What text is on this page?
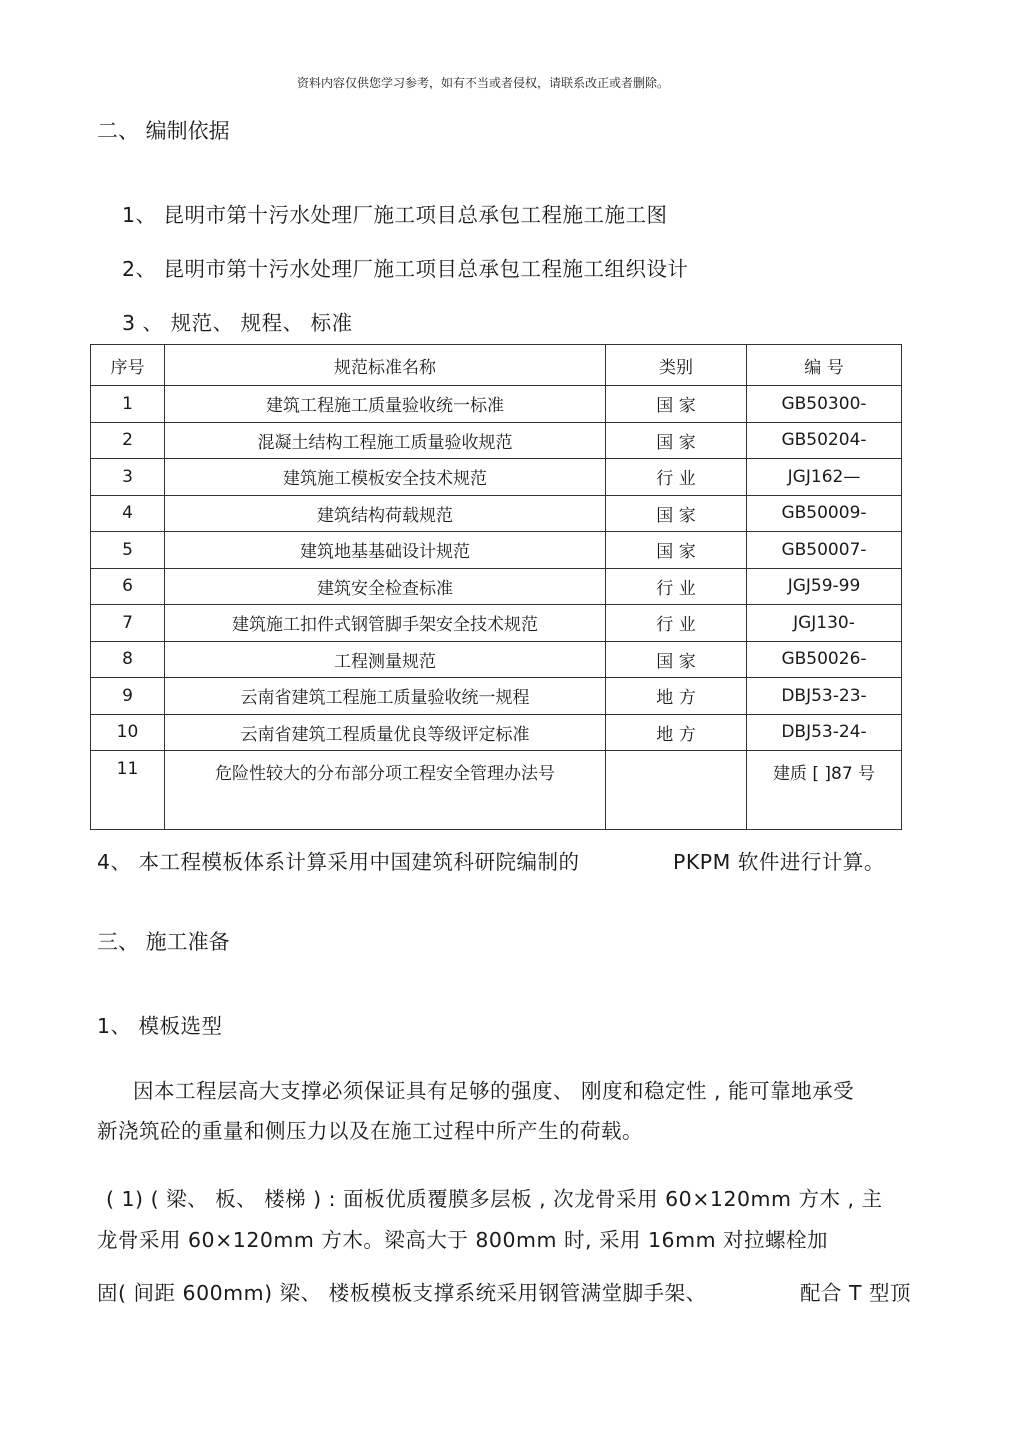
资料内容仅供您学习参考，如有不当或者侵权，请联系改正或者删除。
二、 编制依据
1、 昆明市第十污水处理厂施工项目总承包工程施工施工图
2、 昆明市第十污水处理厂施工项目总承包工程施工组织设计
3 、 规范、 规程、 标准
序号	规范标准名称	类别	编 号
1	建筑工程施工质量验收统一标准	国 家	GB50300-
2	混凝土结构工程施工质量验收规范	国 家	GB50204-
3	建筑施工模板安全技术规范	行 业	JGJ162—
4	建筑结构荷载规范	国 家	GB50009-
5	建筑地基基础设计规范	国 家	GB50007-
6	建筑安全检查标准	行 业	JGJ59-99
7	建筑施工扣件式钢管脚手架安全技术规范	行 业	JGJ130-
8	工程测量规范	国 家	GB50026-
9	云南省建筑工程施工质量验收统一规程	地 方	DBJ53-23-
10	云南省建筑工程质量优良等级评定标准	地 方	DBJ53-24-
11	危险性较大的分布部分项工程安全管理办法号		建质 [ ]87 号
4、 本工程模板体系计算采用中国建筑科研院编制的	PKPM 软件进行计算。
三、 施工准备
1、 模板选型
因本工程层高大支撑必须保证具有足够的强度、 刚度和稳定性 , 能可靠地承受
新浇筑砼的重量和侧压力以及在施工过程中所产生的荷载。
( 1) ( 梁、 板、 楼梯 ) : 面板优质覆膜多层板 , 次龙骨采用 60×120mm 方木 , 主
龙骨采用 60×120mm 方木。梁高大于 800mm 时, 采用 16mm 对拉螺栓加
固( 间距 600mm) 梁、 楼板模板支撑系统采用钢管满堂脚手架、	配合 T 型顶
